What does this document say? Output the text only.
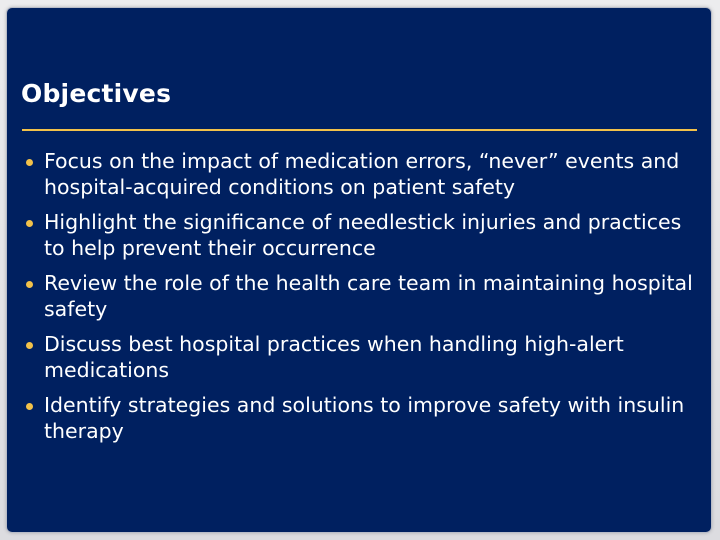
Objectives
Focus on the impact of medication errors, “never” events and hospital-acquired conditions on patient safety
Highlight the significance of needlestick injuries and practices to help prevent their occurrence
Review the role of the health care team in maintaining hospital safety
Discuss best hospital practices when handling high-alert medications
Identify strategies and solutions to improve safety with insulin therapy
